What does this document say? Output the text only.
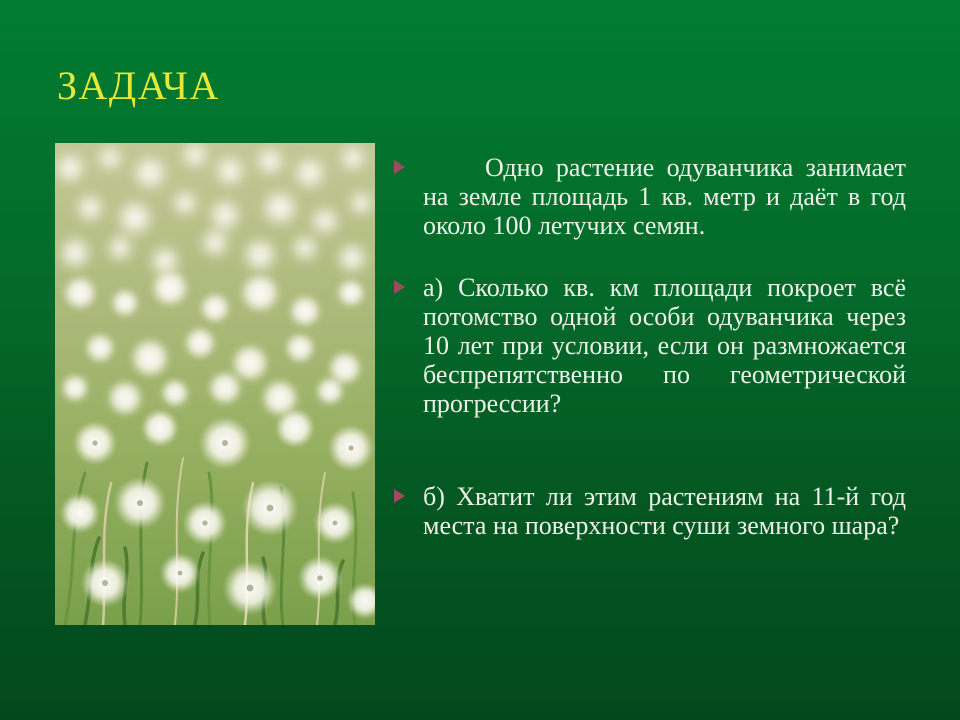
ЗАДАЧА

Одно растение одуванчика занимает на земле площадь 1 кв. метр и даёт в год около 100 летучих семян.

а) Сколько кв. км площади покроет всё потомство одной особи одуванчика через 10 лет при условии, если он размножается беспрепятственно по геометрической прогрессии?

б) Хватит ли этим растениям на 11-й год места на поверхности суши земного шара?
